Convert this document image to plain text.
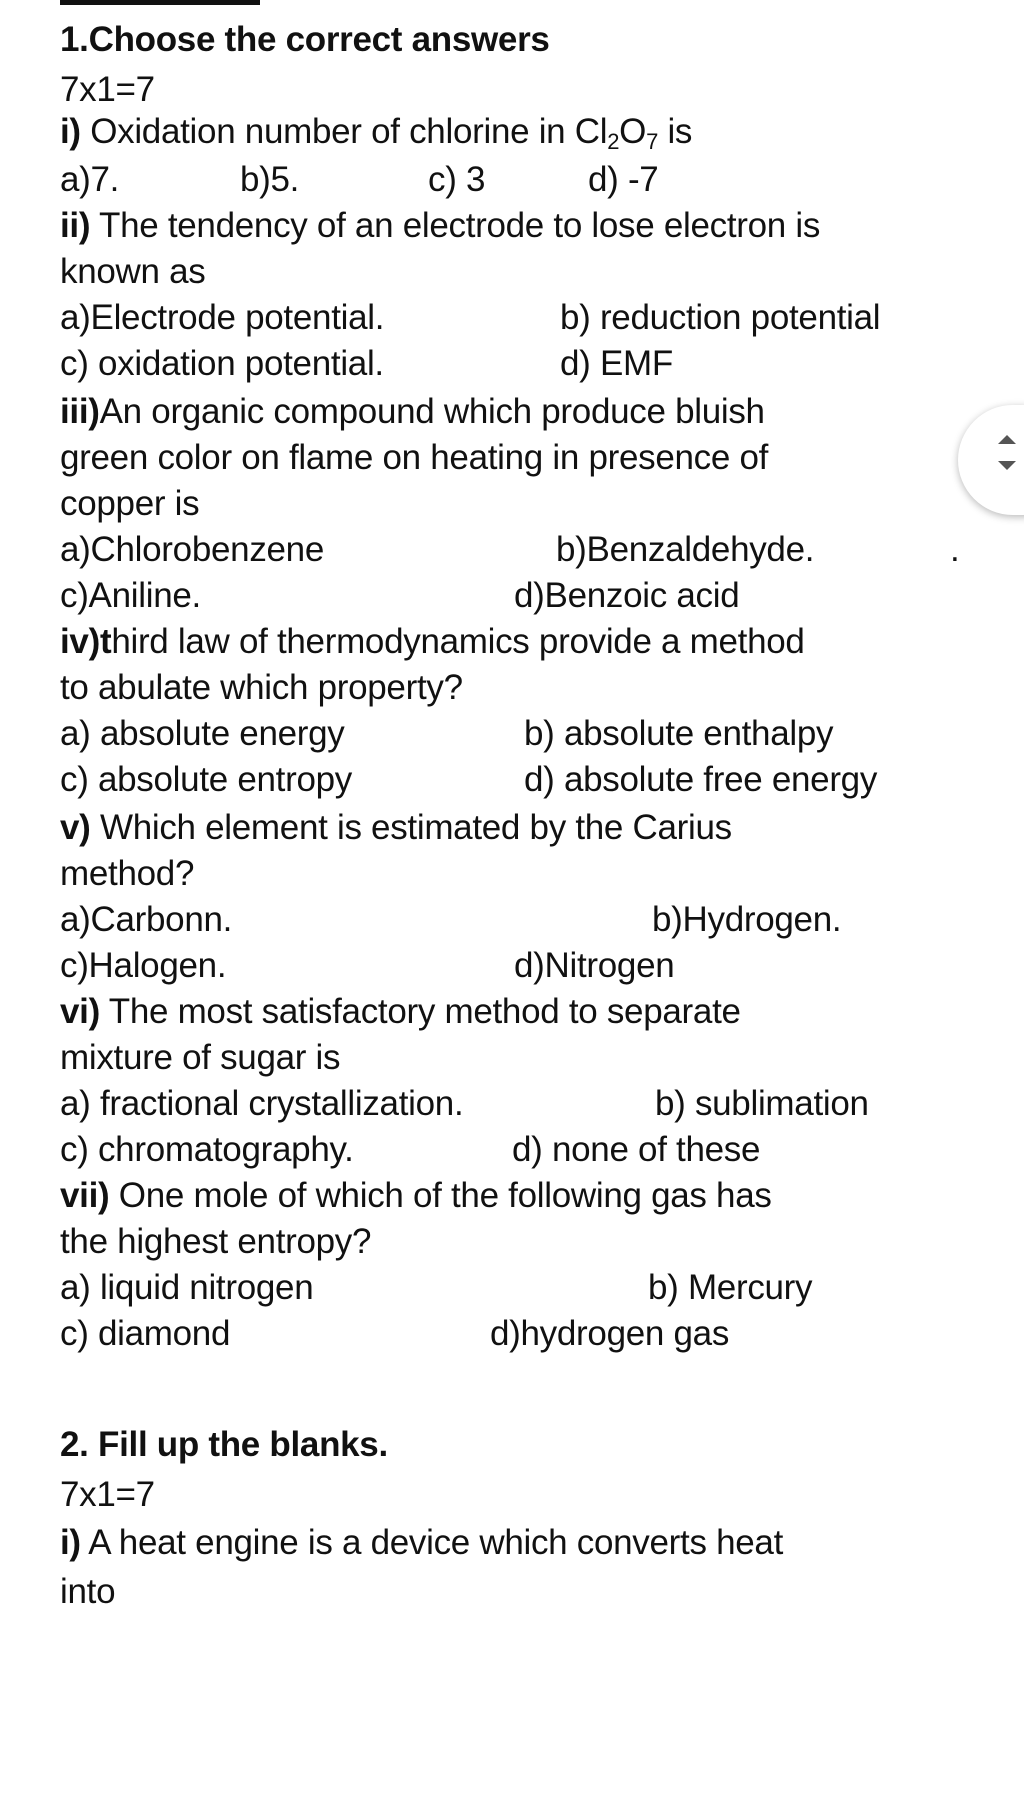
1.Choose the correct answers
7x1=7
i) Oxidation number of chlorine in $Cl_2O_7$ is
a)7.	b)5.	c) 3	d) -7
ii) The tendency of an electrode to lose electron is
known as
a)Electrode potential.	b) reduction potential
c) oxidation potential.	d) EMF
iii)An organic compound which produce bluish
green color on flame on heating in presence of
copper is
a)Chlorobenzene	b)Benzaldehyde.	.
c)Aniline.	d)Benzoic acid
iv)third law of thermodynamics provide a method
to abulate which property?
a) absolute energy	b) absolute enthalpy
c) absolute entropy	d) absolute free energy
v) Which element is estimated by the Carius
method?
a)Carbonn.	b)Hydrogen.
c)Halogen.	d)Nitrogen
vi) The most satisfactory method to separate
mixture of sugar is
a) fractional crystallization.	b) sublimation
c) chromatography.	d) none of these
vii) One mole of which of the following gas has
the highest entropy?
a) liquid nitrogen	b) Mercury
c) diamond	d)hydrogen gas
2. Fill up the blanks.
7x1=7
i) A heat engine is a device which converts heat
into
